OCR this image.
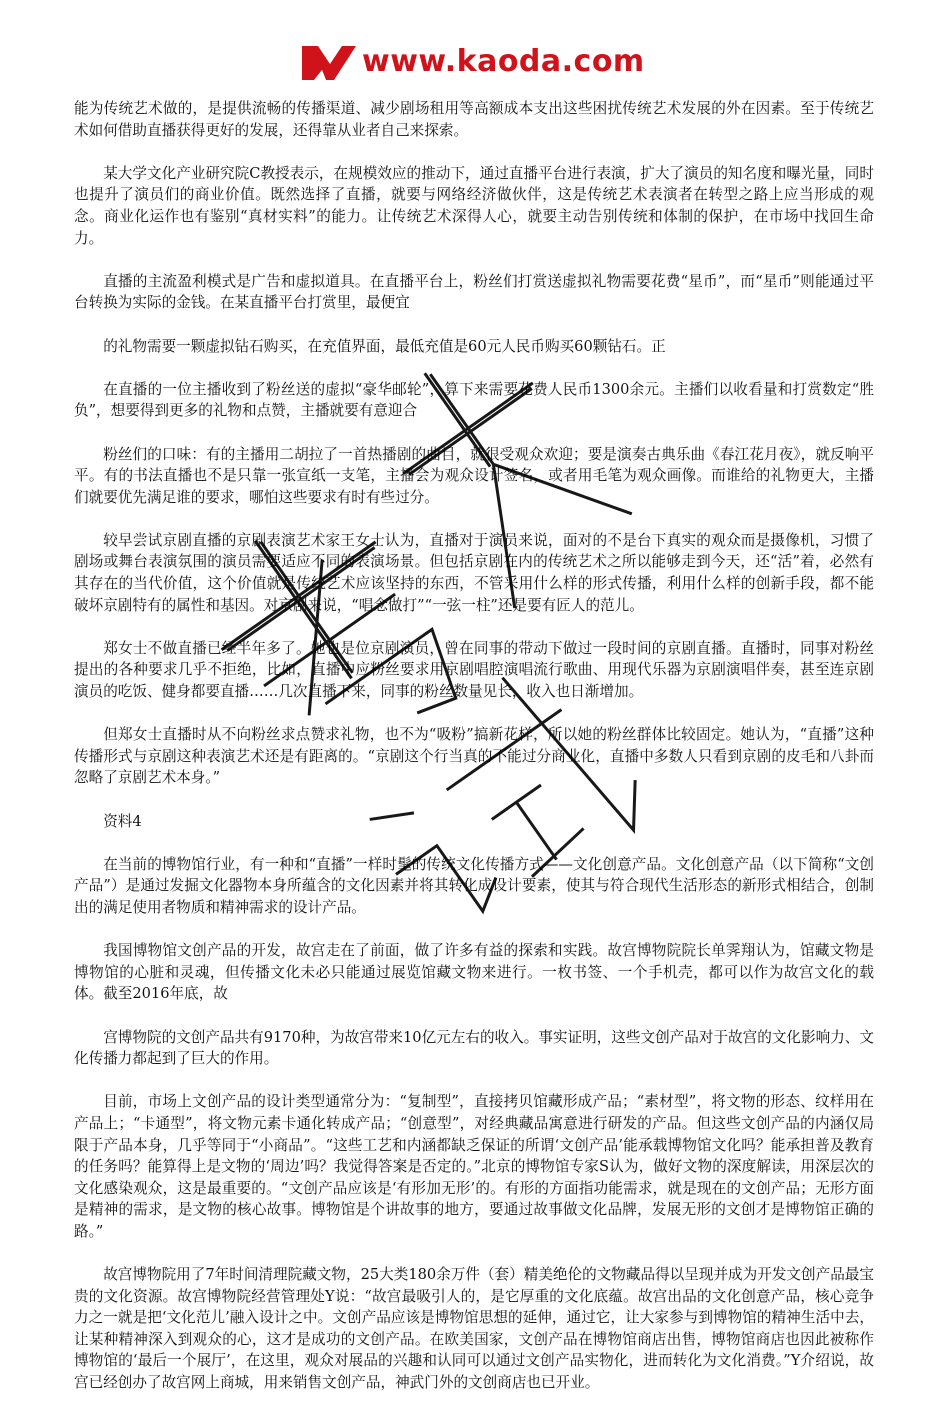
www.kaoda.com

能为传统艺术做的，是提供流畅的传播渠道、减少剧场租用等高额成本支出这些困扰传统艺术发展的外在因素。至于传统艺术如何借助直播获得更好的发展，还得靠从业者自己来探索。

某大学文化产业研究院C教授表示，在规模效应的推动下，通过直播平台进行表演，扩大了演员的知名度和曝光量，同时也提升了演员们的商业价值。既然选择了直播，就要与网络经济做伙伴，这是传统艺术表演者在转型之路上应当形成的观念。商业化运作也有鉴别“真材实料”的能力。让传统艺术深得人心，就要主动告别传统和体制的保护，在市场中找回生命力。

直播的主流盈利模式是广告和虚拟道具。在直播平台上，粉丝们打赏送虚拟礼物需要花费“星币”，而“星币”则能通过平台转换为实际的金钱。在某直播平台打赏里，最便宜

的礼物需要一颗虚拟钻石购买，在充值界面，最低充值是60元人民币购买60颗钻石。正

在直播的一位主播收到了粉丝送的虚拟“豪华邮轮”，算下来需要花费人民币1300余元。主播们以收看量和打赏数定“胜负”，想要得到更多的礼物和点赞，主播就要有意迎合

粉丝们的口味：有的主播用二胡拉了一首热播剧的曲目，就很受观众欢迎；要是演奏古典乐曲《春江花月夜》，就反响平平。有的书法直播也不是只靠一张宣纸一支笔，主播会为观众设计签名，或者用毛笔为观众画像。而谁给的礼物更大，主播们就要优先满足谁的要求，哪怕这些要求有时有些过分。

较早尝试京剧直播的京剧表演艺术家王女士认为，直播对于演员来说，面对的不是台下真实的观众而是摄像机，习惯了剧场或舞台表演氛围的演员需要适应不同的表演场景。但包括京剧在内的传统艺术之所以能够走到今天，还“活”着，必然有其存在的当代价值，这个价值就是传统艺术应该坚持的东西，不管采用什么样的形式传播，利用什么样的创新手段，都不能破坏京剧特有的属性和基因。对京剧来说，“唱念做打”“一弦一柱”还是要有匠人的范儿。

郑女士不做直播已经半年多了。她也是位京剧演员，曾在同事的带动下做过一段时间的京剧直播。直播时，同事对粉丝提出的各种要求几乎不拒绝，比如，直播中应粉丝要求用京剧唱腔演唱流行歌曲、用现代乐器为京剧演唱伴奏，甚至连京剧演员的吃饭、健身都要直播……几次直播下来，同事的粉丝数量见长，收入也日渐增加。

但郑女士直播时从不向粉丝求点赞求礼物，也不为“吸粉”搞新花样，所以她的粉丝群体比较固定。她认为，“直播”这种传播形式与京剧这种表演艺术还是有距离的。“京剧这个行当真的不能过分商业化，直播中多数人只看到京剧的皮毛和八卦而忽略了京剧艺术本身。”

资料4

在当前的博物馆行业，有一种和“直播”一样时髦的传统文化传播方式——文化创意产品。文化创意产品（以下简称“文创产品”）是通过发掘文化器物本身所蕴含的文化因素并将其转化成设计要素，使其与符合现代生活形态的新形式相结合，创制出的满足使用者物质和精神需求的设计产品。

我国博物馆文创产品的开发，故宫走在了前面，做了许多有益的探索和实践。故宫博物院院长单霁翔认为，馆藏文物是博物馆的心脏和灵魂，但传播文化未必只能通过展览馆藏文物来进行。一枚书签、一个手机壳，都可以作为故宫文化的载体。截至2016年底，故

宫博物院的文创产品共有9170种，为故宫带来10亿元左右的收入。事实证明，这些文创产品对于故宫的文化影响力、文化传播力都起到了巨大的作用。

目前，市场上文创产品的设计类型通常分为：“复制型”，直接拷贝馆藏形成产品；“素材型”，将文物的形态、纹样用在产品上；“卡通型”，将文物元素卡通化转成产品；“创意型”，对经典藏品寓意进行研发的产品。但这些文创产品的内涵仅局限于产品本身，几乎等同于“小商品”。“这些工艺和内涵都缺乏保证的所谓‘文创产品’能承载博物馆文化吗？能承担普及教育的任务吗？能算得上是文物的‘周边’吗？我觉得答案是否定的。”北京的博物馆专家S认为，做好文物的深度解读，用深层次的文化感染观众，这是最重要的。“文创产品应该是‘有形加无形’的。有形的方面指功能需求，就是现在的文创产品；无形方面是精神的需求，是文物的核心故事。博物馆是个讲故事的地方，要通过故事做文化品牌，发展无形的文创才是博物馆正确的路。”

故宫博物院用了7年时间清理院藏文物，25大类180余万件（套）精美绝伦的文物藏品得以呈现并成为开发文创产品最宝贵的文化资源。故宫博物院经营管理处Y说：“故宫最吸引人的，是它厚重的文化底蕴。故宫出品的文化创意产品，核心竞争力之一就是把‘文化范儿’融入设计之中。文创产品应该是博物馆思想的延伸，通过它，让大家参与到博物馆的精神生活中去，让某种精神深入到观众的心，这才是成功的文创产品。在欧美国家，文创产品在博物馆商店出售，博物馆商店也因此被称作博物馆的‘最后一个展厅’，在这里，观众对展品的兴趣和认同可以通过文创产品实物化，进而转化为文化消费。”Y介绍说，故宫已经创办了故宫网上商城，用来销售文创产品，神武门外的文创商店也已开业。
